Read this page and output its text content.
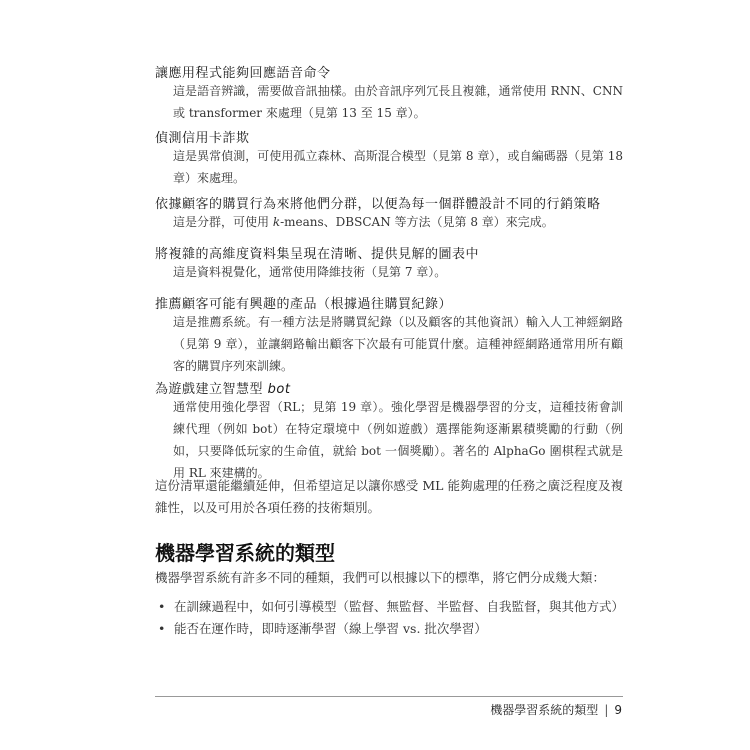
讓應用程式能夠回應語音命令
這是語音辨識，需要做音訊抽樣。由於音訊序列冗長且複雜，通常使用 RNN、CNN 或 transformer 來處理（見第 13 至 15 章）。
偵測信用卡詐欺
這是異常偵測，可使用孤立森林、高斯混合模型（見第 8 章），或自編碼器（見第 18 章）來處理。
依據顧客的購買行為來將他們分群，以便為每一個群體設計不同的行銷策略
這是分群，可使用 k-means、DBSCAN 等方法（見第 8 章）來完成。
將複雜的高維度資料集呈現在清晰、提供見解的圖表中
這是資料視覺化，通常使用降維技術（見第 7 章）。
推薦顧客可能有興趣的產品（根據過往購買紀錄）
這是推薦系統。有一種方法是將購買紀錄（以及顧客的其他資訊）輸入人工神經網路（見第 9 章），並讓網路輸出顧客下次最有可能買什麼。這種神經網路通常用所有顧客的購買序列來訓練。
為遊戲建立智慧型 bot
通常使用強化學習（RL；見第 19 章）。強化學習是機器學習的分支，這種技術會訓練代理（例如 bot）在特定環境中（例如遊戲）選擇能夠逐漸累積獎勵的行動（例如，只要降低玩家的生命值，就給 bot 一個獎勵）。著名的 AlphaGo 圍棋程式就是用 RL 來建構的。
這份清單還能繼續延伸，但希望這足以讓你感受 ML 能夠處理的任務之廣泛程度及複雜性，以及可用於各項任務的技術類別。
機器學習系統的類型
機器學習系統有許多不同的種類，我們可以根據以下的標準，將它們分成幾大類：
• 在訓練過程中，如何引導模型（監督、無監督、半監督、自我監督，與其他方式）
• 能否在運作時，即時逐漸學習（線上學習 vs. 批次學習）
機器學習系統的類型 | 9
